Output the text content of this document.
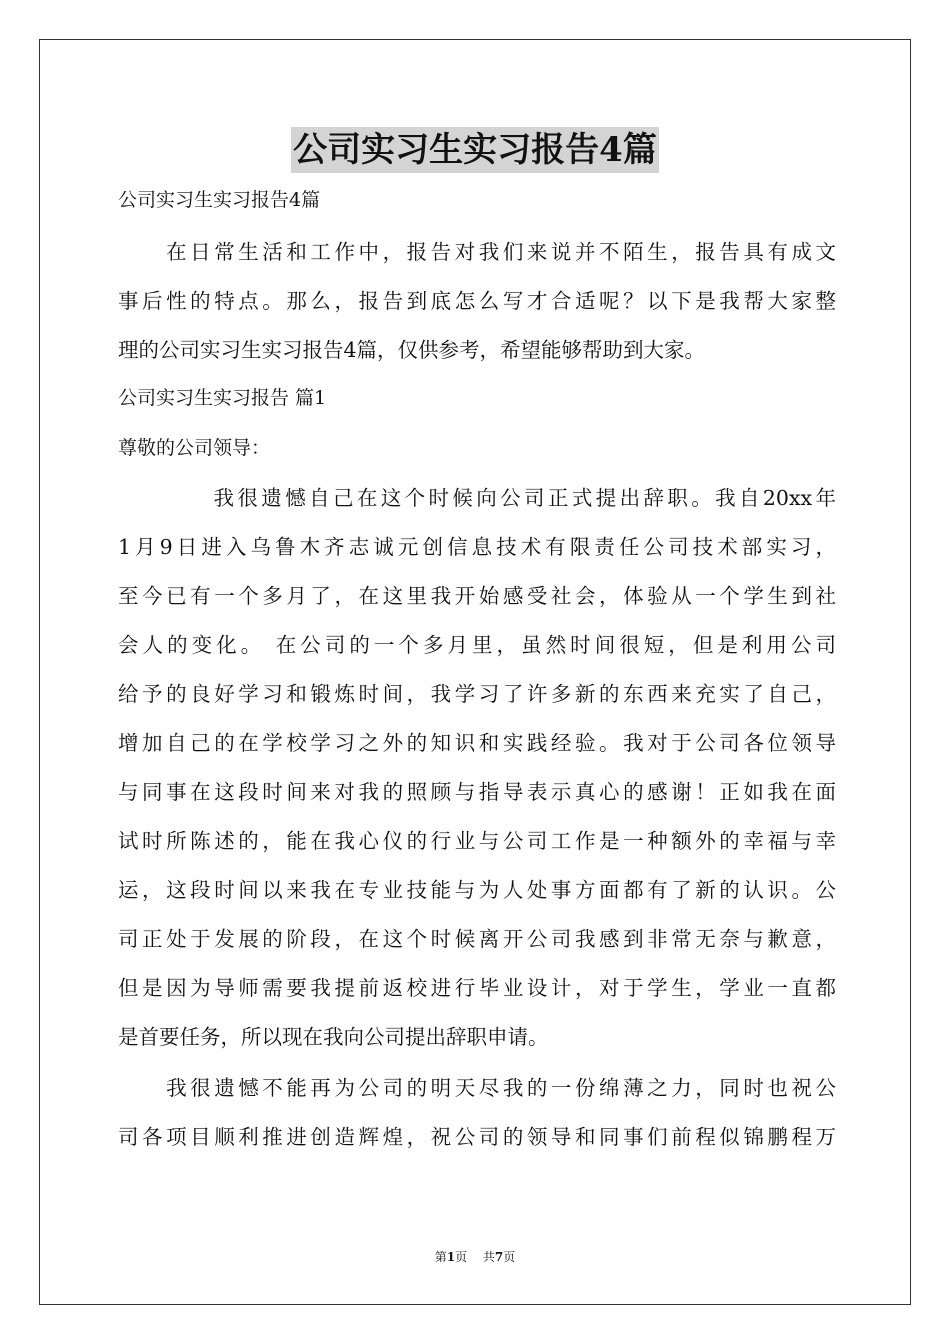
公司实习生实习报告4篇
公司实习生实习报告4篇
　　在日常生活和工作中，报告对我们来说并不陌生，报告具有成文
事后性的特点。那么，报告到底怎么写才合适呢？以下是我帮大家整
理的公司实习生实习报告4篇，仅供参考，希望能够帮助到大家。
公司实习生实习报告 篇1
尊敬的公司领导：
　　　　我很遗憾自己在这个时候向公司正式提出辞职。我自20xx年
1月9日进入乌鲁木齐志诚元创信息技术有限责任公司技术部实习，
至今已有一个多月了，在这里我开始感受社会，体验从一个学生到社
会人的变化。 在公司的一个多月里，虽然时间很短，但是利用公司
给予的良好学习和锻炼时间，我学习了许多新的东西来充实了自己，
增加自己的在学校学习之外的知识和实践经验。我对于公司各位领导
与同事在这段时间来对我的照顾与指导表示真心的感谢！正如我在面
试时所陈述的，能在我心仪的行业与公司工作是一种额外的幸福与幸
运，这段时间以来我在专业技能与为人处事方面都有了新的认识。公
司正处于发展的阶段，在这个时候离开公司我感到非常无奈与歉意，
但是因为导师需要我提前返校进行毕业设计，对于学生，学业一直都
是首要任务，所以现在我向公司提出辞职申请。
　　我很遗憾不能再为公司的明天尽我的一份绵薄之力，同时也祝公
司各项目顺利推进创造辉煌，祝公司的领导和同事们前程似锦鹏程万
第1页　 共7页
